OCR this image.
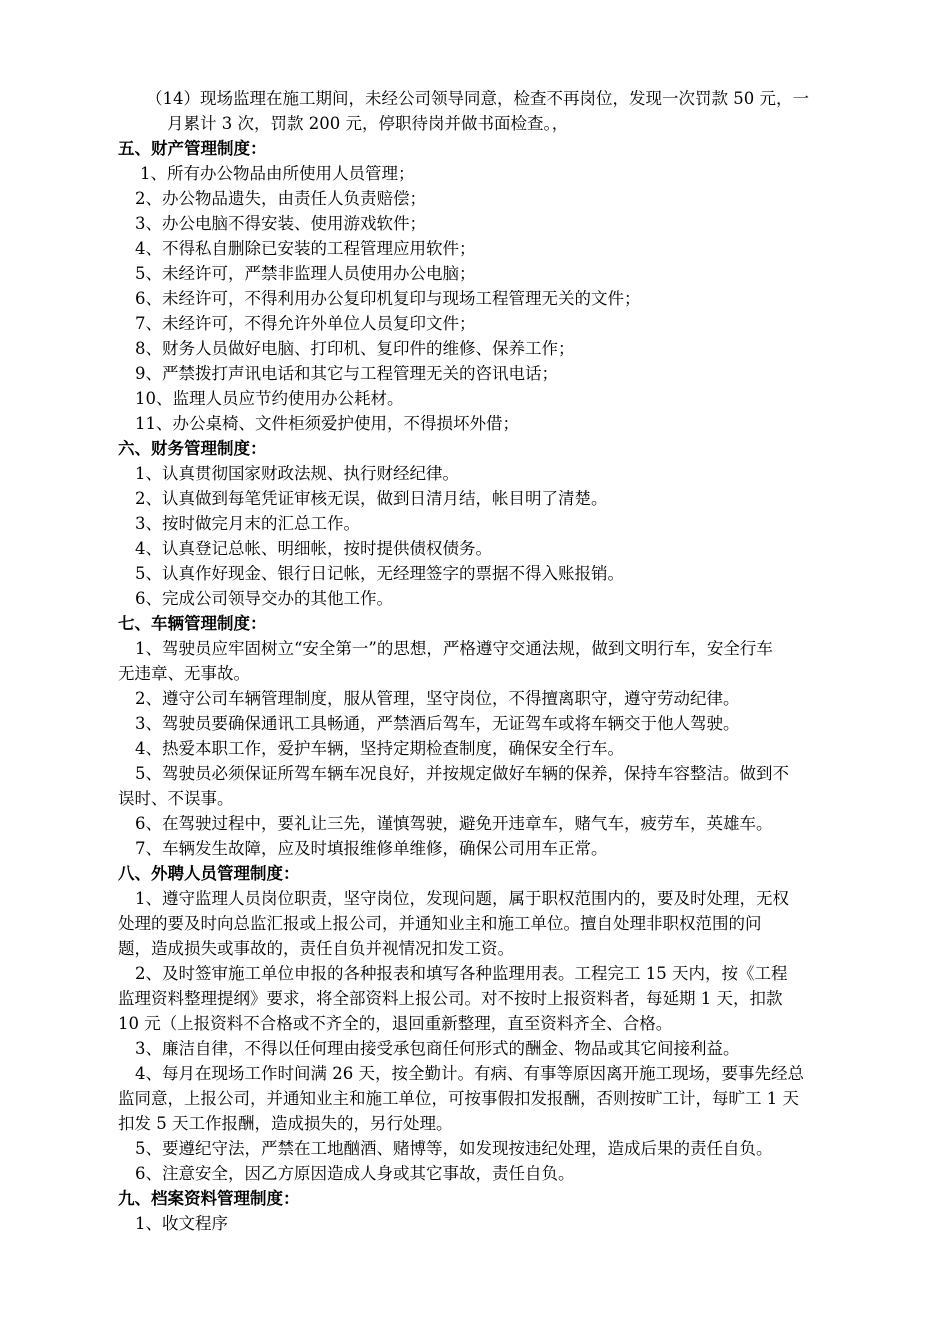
（14）现场监理在施工期间，未经公司领导同意，检查不再岗位，发现一次罚款 50 元，一
月累计 3 次，罚款 200 元，停职待岗并做书面检查。，
五、财产管理制度：
1、所有办公物品由所使用人员管理；
2、办公物品遗失，由责任人负责赔偿；
3、办公电脑不得安装、使用游戏软件；
4、不得私自删除已安装的工程管理应用软件；
5、未经许可，严禁非监理人员使用办公电脑；
6、未经许可，不得利用办公复印机复印与现场工程管理无关的文件；
7、未经许可，不得允许外单位人员复印文件；
8、财务人员做好电脑、打印机、复印件的维修、保养工作；
9、严禁拨打声讯电话和其它与工程管理无关的咨讯电话；
10、监理人员应节约使用办公耗材。
11、办公桌椅、文件柜须爱护使用，不得损坏外借；
六、财务管理制度：
1、认真贯彻国家财政法规、执行财经纪律。
2、认真做到每笔凭证审核无误，做到日清月结，帐目明了清楚。
3、按时做完月末的汇总工作。
4、认真登记总帐、明细帐，按时提供债权债务。
5、认真作好现金、银行日记帐，无经理签字的票据不得入账报销。
6、完成公司领导交办的其他工作。
七、车辆管理制度：
1、驾驶员应牢固树立“安全第一”的思想，严格遵守交通法规，做到文明行车，安全行车
无违章、无事故。
2、遵守公司车辆管理制度，服从管理，坚守岗位，不得擅离职守，遵守劳动纪律。
3、驾驶员要确保通讯工具畅通，严禁酒后驾车，无证驾车或将车辆交于他人驾驶。
4、热爱本职工作，爱护车辆，坚持定期检查制度，确保安全行车。
5、驾驶员必须保证所驾车辆车况良好，并按规定做好车辆的保养，保持车容整洁。做到不
误时、不误事。
6、在驾驶过程中，要礼让三先，谨慎驾驶，避免开违章车，赌气车，疲劳车，英雄车。
7、车辆发生故障，应及时填报维修单维修，确保公司用车正常。
八、外聘人员管理制度：
1、遵守监理人员岗位职责，坚守岗位，发现问题，属于职权范围内的，要及时处理，无权
处理的要及时向总监汇报或上报公司，并通知业主和施工单位。擅自处理非职权范围的问
题，造成损失或事故的，责任自负并视情况扣发工资。
2、及时签审施工单位申报的各种报表和填写各种监理用表。工程完工 15 天内，按《工程
监理资料整理提纲》要求，将全部资料上报公司。对不按时上报资料者，每延期 1 天，扣款
10 元（上报资料不合格或不齐全的，退回重新整理，直至资料齐全、合格。
3、廉洁自律，不得以任何理由接受承包商任何形式的酬金、物品或其它间接利益。
4、每月在现场工作时间满 26 天，按全勤计。有病、有事等原因离开施工现场，要事先经总
监同意，上报公司，并通知业主和施工单位，可按事假扣发报酬，否则按旷工计，每旷工 1 天
扣发 5 天工作报酬，造成损失的，另行处理。
5、要遵纪守法，严禁在工地酗酒、赌博等，如发现按违纪处理，造成后果的责任自负。
6、注意安全，因乙方原因造成人身或其它事故，责任自负。
九、档案资料管理制度：
1、收文程序
